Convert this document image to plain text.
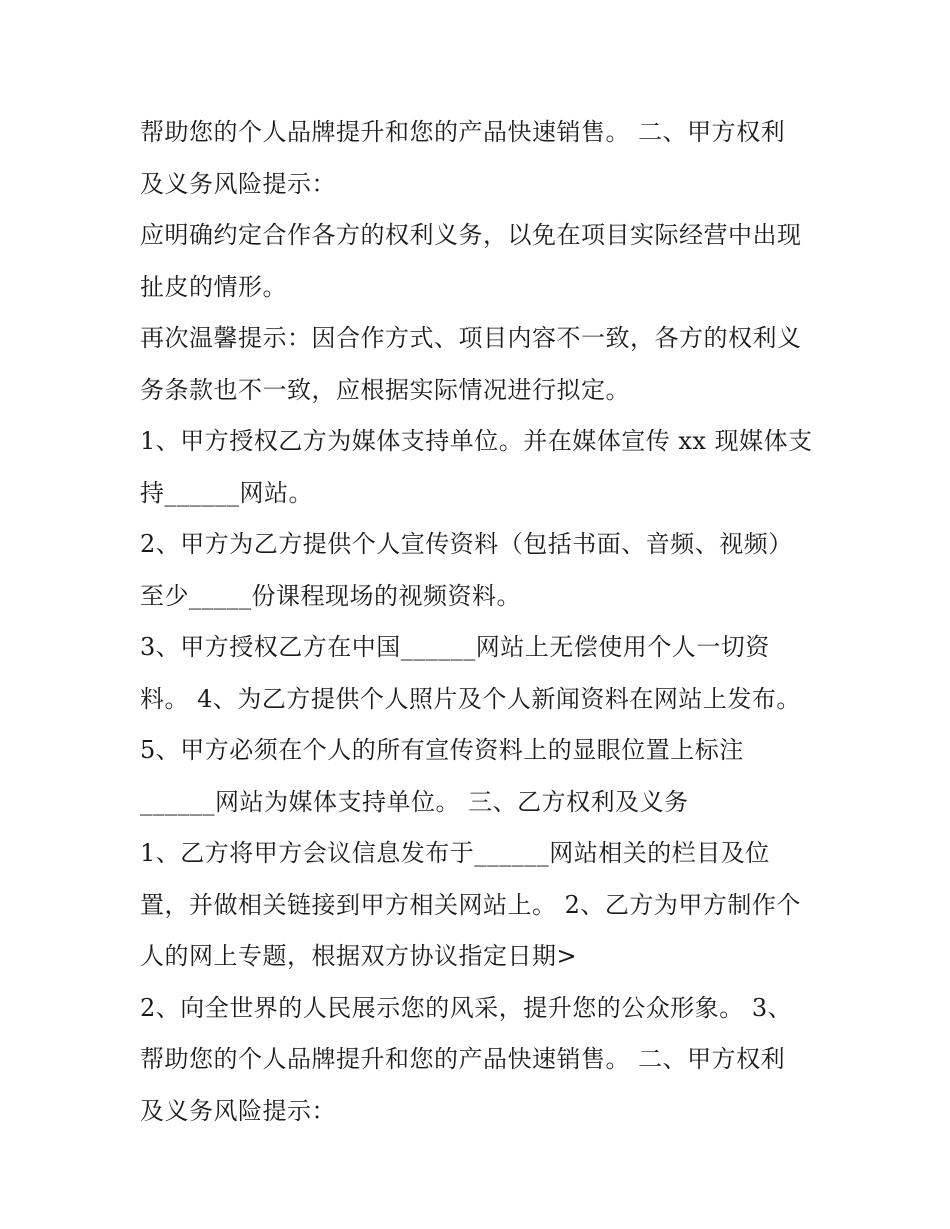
帮助您的个人品牌提升和您的产品快速销售。 二、甲方权利
及义务风险提示：
应明确约定合作各方的权利义务，以免在项目实际经营中出现
扯皮的情形。
再次温馨提示：因合作方式、项目内容不一致，各方的权利义
务条款也不一致，应根据实际情况进行拟定。
1、甲方授权乙方为媒体支持单位。并在媒体宣传 xx 现媒体支
持______网站。
2、甲方为乙方提供个人宣传资料（包括书面、音频、视频）
至少_____份课程现场的视频资料。
3、甲方授权乙方在中国______网站上无偿使用个人一切资
料。 4、为乙方提供个人照片及个人新闻资料在网站上发布。
5、甲方必须在个人的所有宣传资料上的显眼位置上标注
______网站为媒体支持单位。 三、乙方权利及义务
1、乙方将甲方会议信息发布于______网站相关的栏目及位
置，并做相关链接到甲方相关网站上。 2、乙方为甲方制作个
人的网上专题，根据双方协议指定日期>
2、向全世界的人民展示您的风采，提升您的公众形象。 3、
帮助您的个人品牌提升和您的产品快速销售。 二、甲方权利
及义务风险提示：
